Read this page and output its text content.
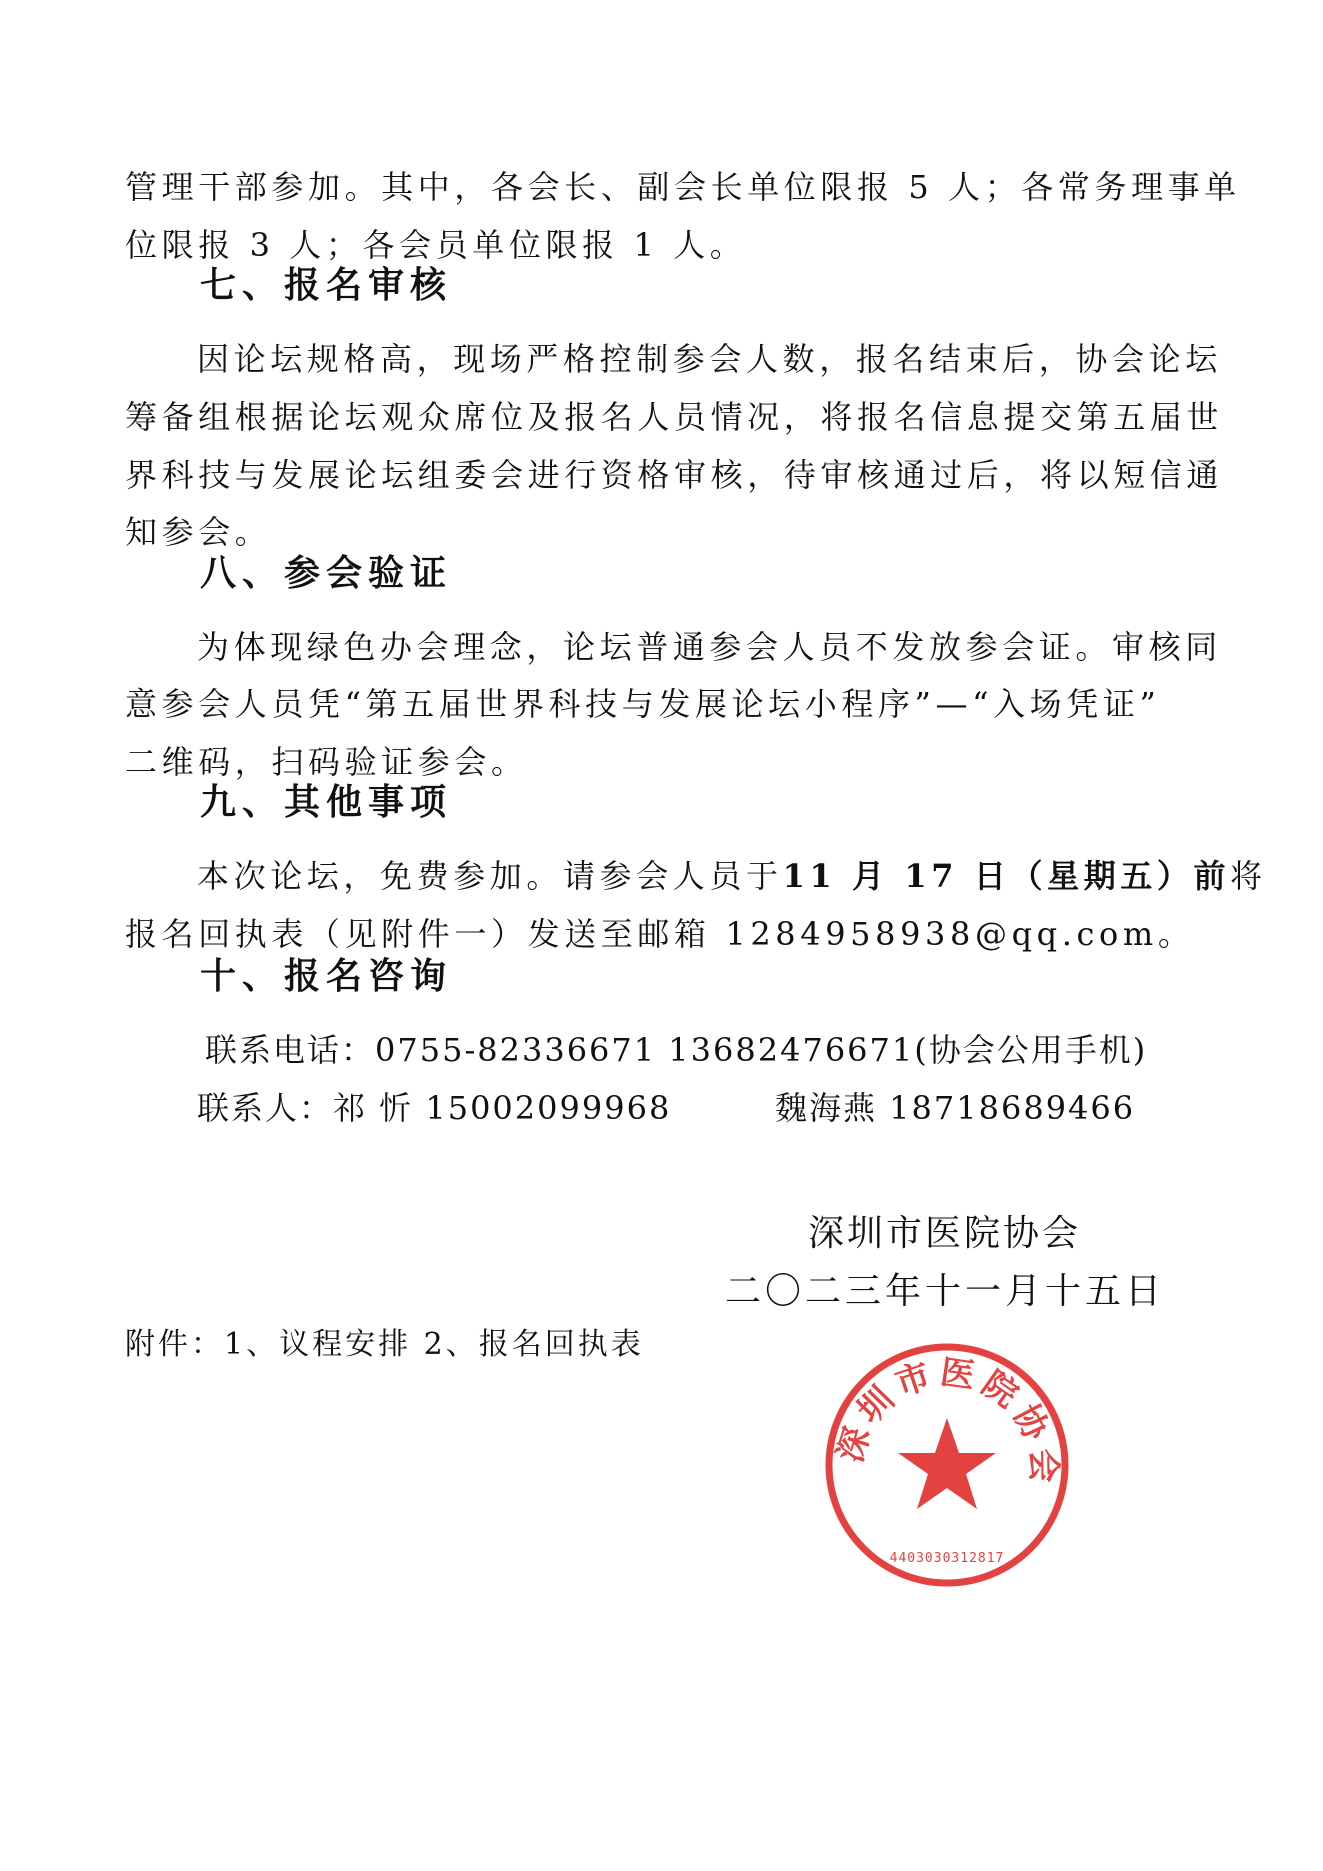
管理干部参加。其中，各会长、副会长单位限报 5 人；各常务理事单
位限报 3 人；各会员单位限报 1 人。
七、报名审核
因论坛规格高，现场严格控制参会人数，报名结束后，协会论坛
筹备组根据论坛观众席位及报名人员情况，将报名信息提交第五届世
界科技与发展论坛组委会进行资格审核，待审核通过后，将以短信通
知参会。
八、参会验证
为体现绿色办会理念，论坛普通参会人员不发放参会证。审核同
意参会人员凭“第五届世界科技与发展论坛小程序”—“入场凭证”
二维码，扫码验证参会。
九、其他事项
本次论坛，免费参加。请参会人员于11 月 17 日（星期五）前将
报名回执表（见附件一）发送至邮箱 1284958938@qq.com。
十、报名咨询
联系电话：0755-82336671 13682476671(协会公用手机)
联系人：祁 忻 15002099968	魏海燕 18718689466
深圳市医院协会
4403030312817
深圳市医院协会
二〇二三年十一月十五日
附件：1、议程安排 2、报名回执表
